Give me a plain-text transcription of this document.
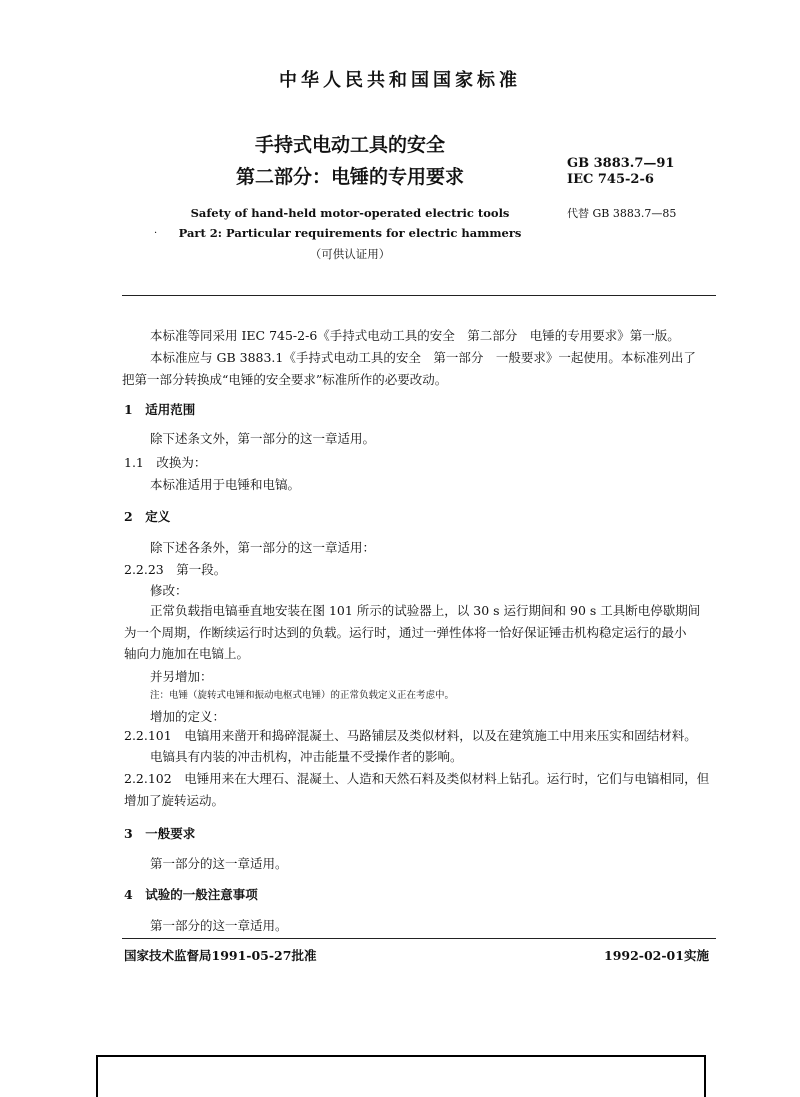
中华人民共和国国家标准
手持式电动工具的安全
第二部分：电锤的专用要求
GB 3883.7—91
IEC 745-2-6
Safety of hand-held motor-operated electric tools
Part 2: Particular requirements for electric hammers
（可供认证用）
·
代替 GB 3883.7—85
本标准等同采用 IEC 745-2-6《手持式电动工具的安全　第二部分　电锤的专用要求》第一版。
本标准应与 GB 3883.1《手持式电动工具的安全　第一部分　一般要求》一起使用。本标准列出了
把第一部分转换成“电锤的安全要求”标准所作的必要改动。
1　适用范围
除下述条文外，第一部分的这一章适用。
1.1　改换为：
本标准适用于电锤和电镐。
2　定义
除下述各条外，第一部分的这一章适用：
2.2.23　第一段。
修改：
正常负载指电镐垂直地安装在图 101 所示的试验器上，以 30 s 运行期间和 90 s 工具断电停歇期间
为一个周期，作断续运行时达到的负载。运行时，通过一弹性体将一恰好保证锤击机构稳定运行的最小
轴向力施加在电镐上。
并另增加：
注：电锤（旋转式电锤和振动电枢式电锤）的正常负载定义正在考虑中。
增加的定义：
2.2.101　电镐用来凿开和捣碎混凝土、马路铺层及类似材料，以及在建筑施工中用来压实和固结材料。
电镐具有内装的冲击机构，冲击能量不受操作者的影响。
2.2.102　电锤用来在大理石、混凝土、人造和天然石料及类似材料上钻孔。运行时，它们与电镐相同，但
增加了旋转运动。
3　一般要求
第一部分的这一章适用。
4　试验的一般注意事项
第一部分的这一章适用。
国家技术监督局1991-05-27批准	1992-02-01实施
